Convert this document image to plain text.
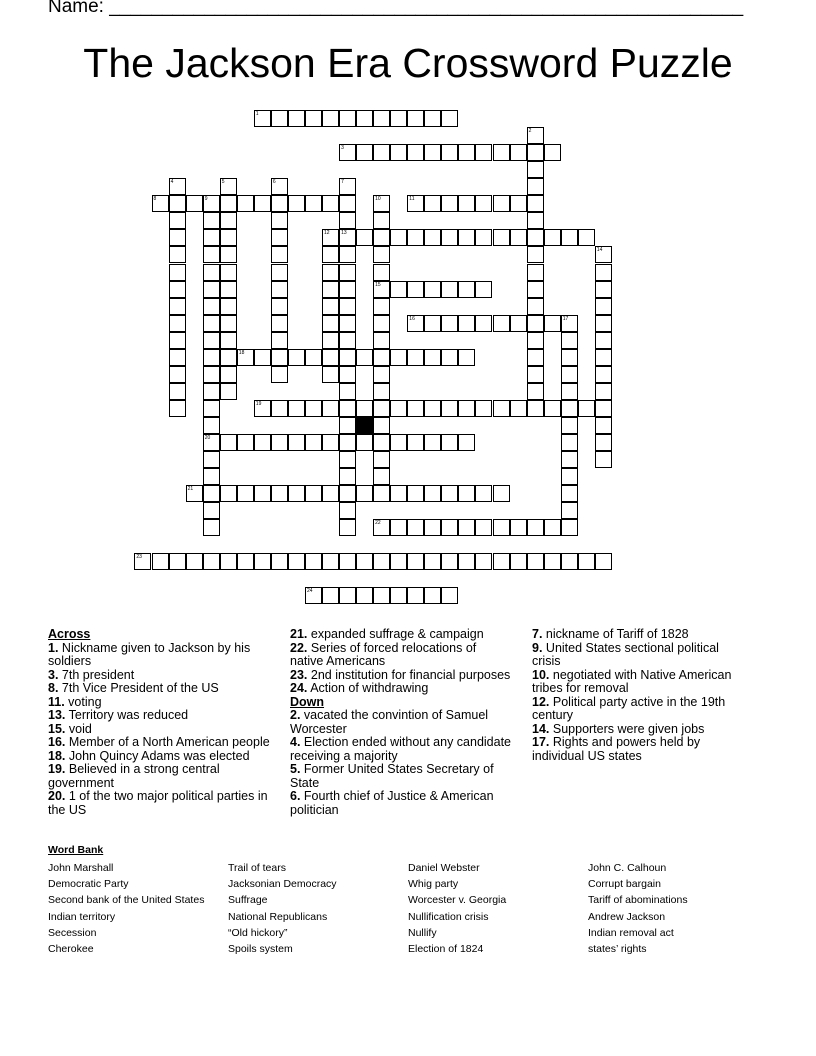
Name: ____________________________________________________________
The Jackson Era Crossword Puzzle
1
3
8	9	11
13
15
16	17
18
19
20
21
22
23
24
2
4	5	6	7
10
12
14

Across

1. Nickname given to Jackson by his soldiers

3. 7th president

8. 7th Vice President of the US

11. voting

13. Territory was reduced

15. void

16. Member of a North American people

18. John Quincy Adams was elected

19. Believed in a strong central government

20. 1 of the two major political parties in the US

21. expanded suffrage & campaign

22. Series of forced relocations of native Americans

23. 2nd institution for financial purposes

24. Action of withdrawing

Down

2. vacated the convintion of Samuel Worcester

4. Election ended without any candidate receiving a majority

5. Former United States Secretary of State

6. Fourth chief of Justice & American politician

7. nickname of Tariff of 1828

9. United States sectional political crisis

10. negotiated with Native American tribes for removal

12. Political party active in the 19th century

14. Supporters were given jobs

17. Rights and powers held by individual US states

Word Bank

John Marshall
Democratic Party
Second bank of the United States
Indian territory
Secession
Cherokee
Trail of tears
Jacksonian Democracy
Suffrage
National Republicans
“Old hickory”
Spoils system
Daniel Webster
Whig party
Worcester v. Georgia
Nullification crisis
Nullify
Election of 1824
John C. Calhoun
Corrupt bargain
Tariff of abominations
Andrew Jackson
Indian removal act
states’ rights
